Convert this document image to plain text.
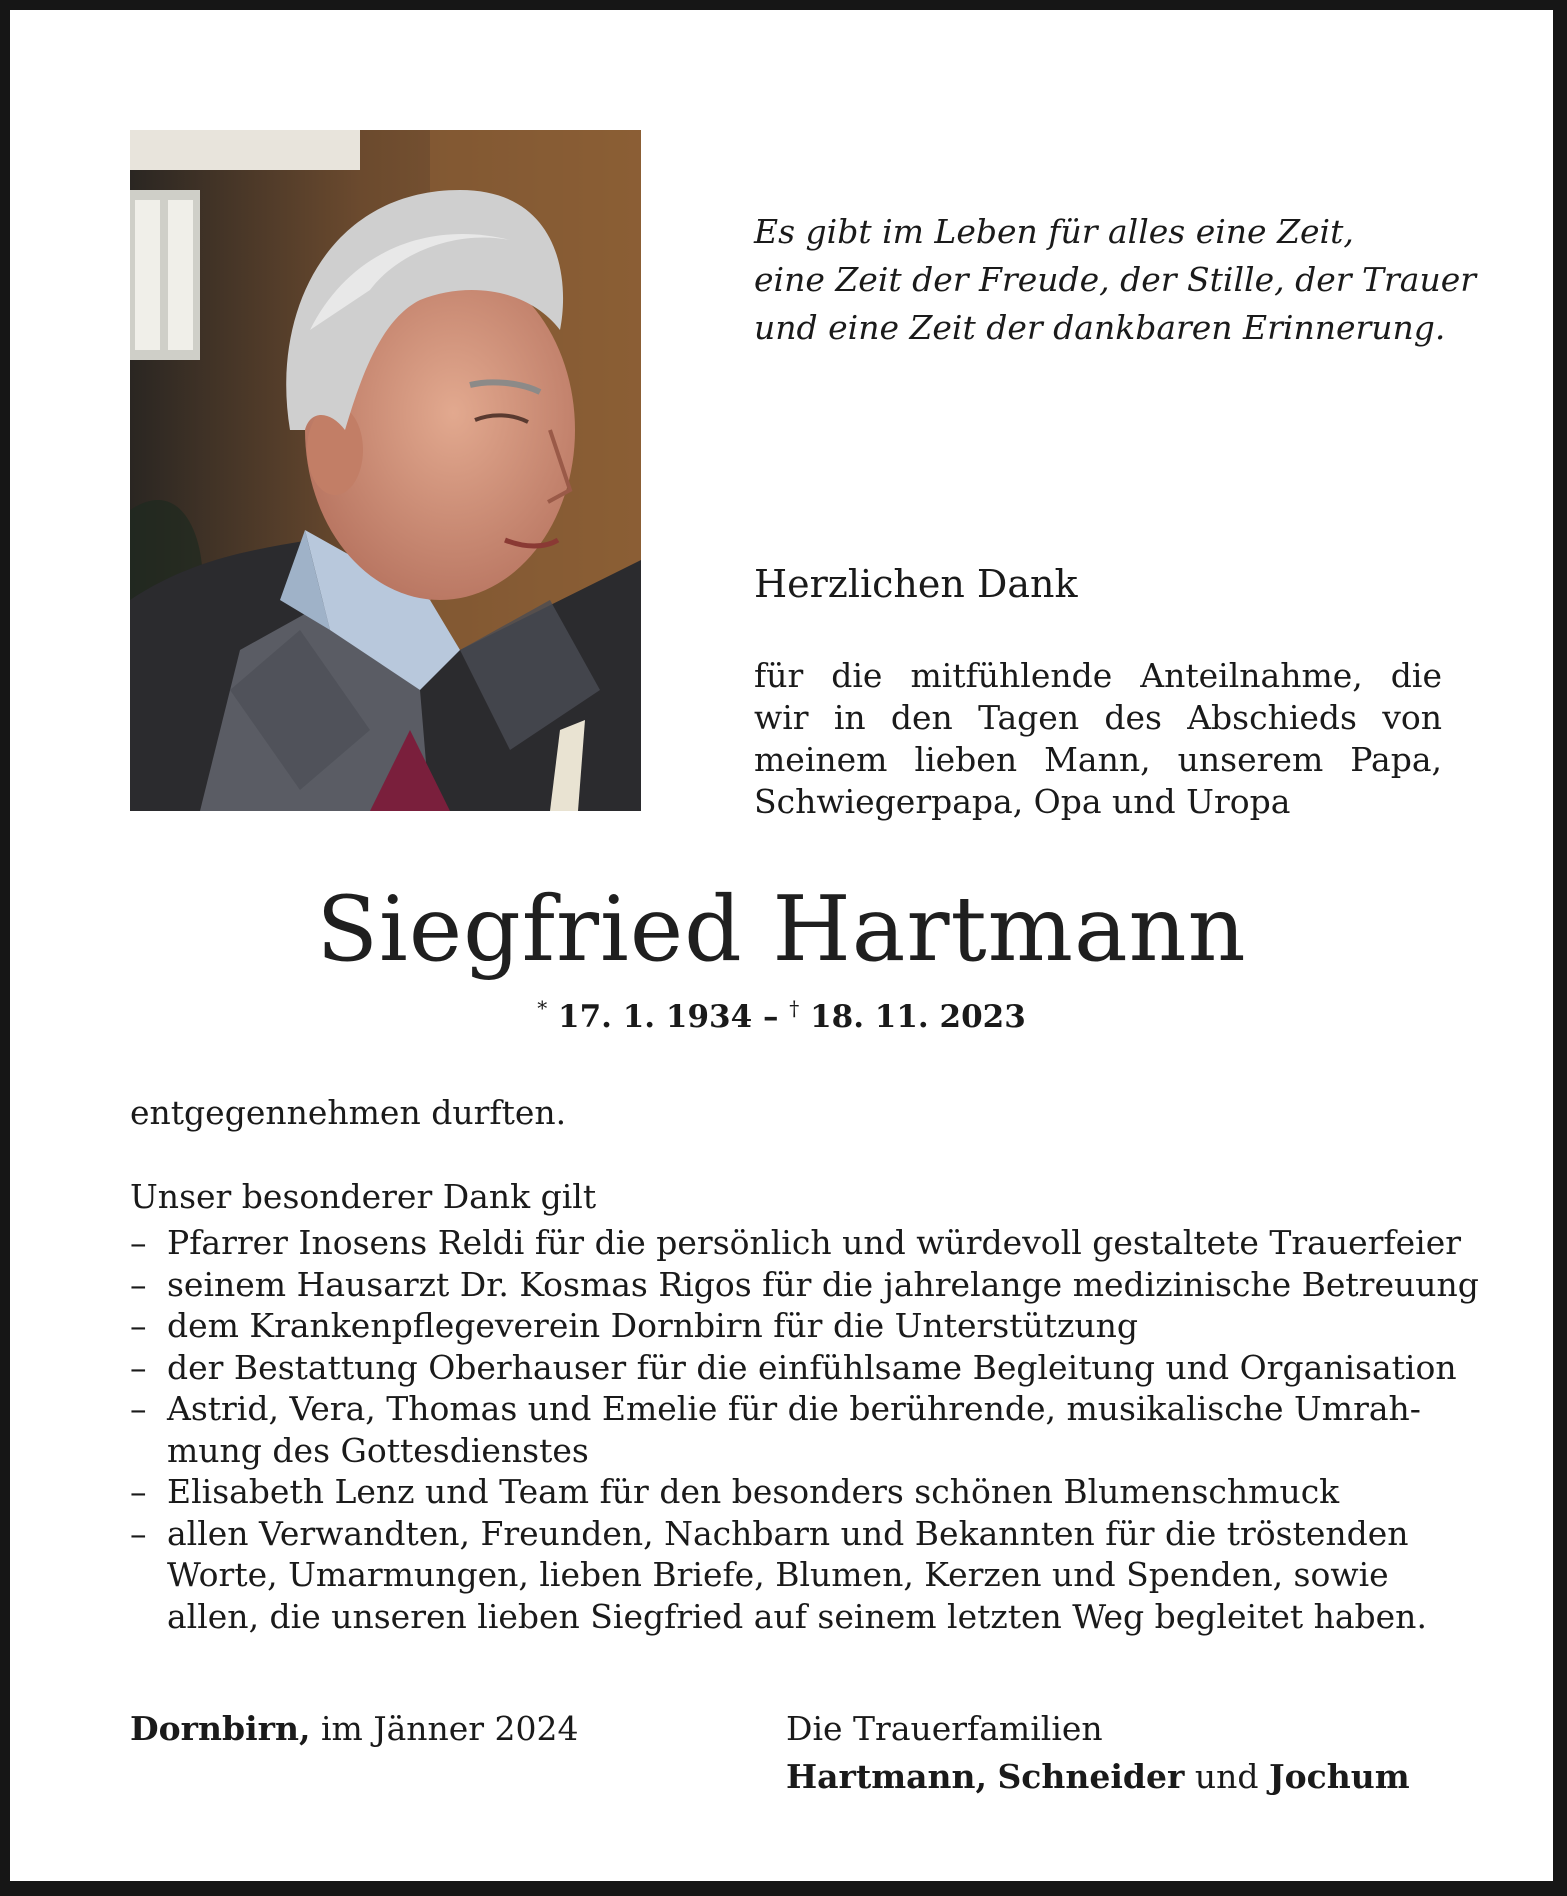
Es gibt im Leben für alles eine Zeit,
eine Zeit der Freude, der Stille, der Trauer
und eine Zeit der dankbaren Erinnerung.
Herzlichen Dank
für die mitfühlende Anteilnahme, die
wir in den Tagen des Abschieds von
meinem lieben Mann, unserem Papa,
Schwiegerpapa, Opa und Uropa
Siegfried Hartmann
* 17. 1. 1934 – † 18. 11. 2023
entgegennehmen durften.
Unser besonderer Dank gilt
– Pfarrer Inosens Reldi für die persönlich und würdevoll gestaltete Trauerfeier
– seinem Hausarzt Dr. Kosmas Rigos für die jahrelange medizinische Betreuung
– dem Krankenpflegeverein Dornbirn für die Unterstützung
– der Bestattung Oberhauser für die einfühlsame Begleitung und Organisation
– Astrid, Vera, Thomas und Emelie für die berührende, musikalische Umrah-
mung des Gottesdienstes
– Elisabeth Lenz und Team für den besonders schönen Blumenschmuck
– allen Verwandten, Freunden, Nachbarn und Bekannten für die tröstenden
Worte, Umarmungen, lieben Briefe, Blumen, Kerzen und Spenden, sowie
allen, die unseren lieben Siegfried auf seinem letzten Weg begleitet haben.
Dornbirn, im Jänner 2024	Die Trauerfamilien
Hartmann, Schneider und Jochum
